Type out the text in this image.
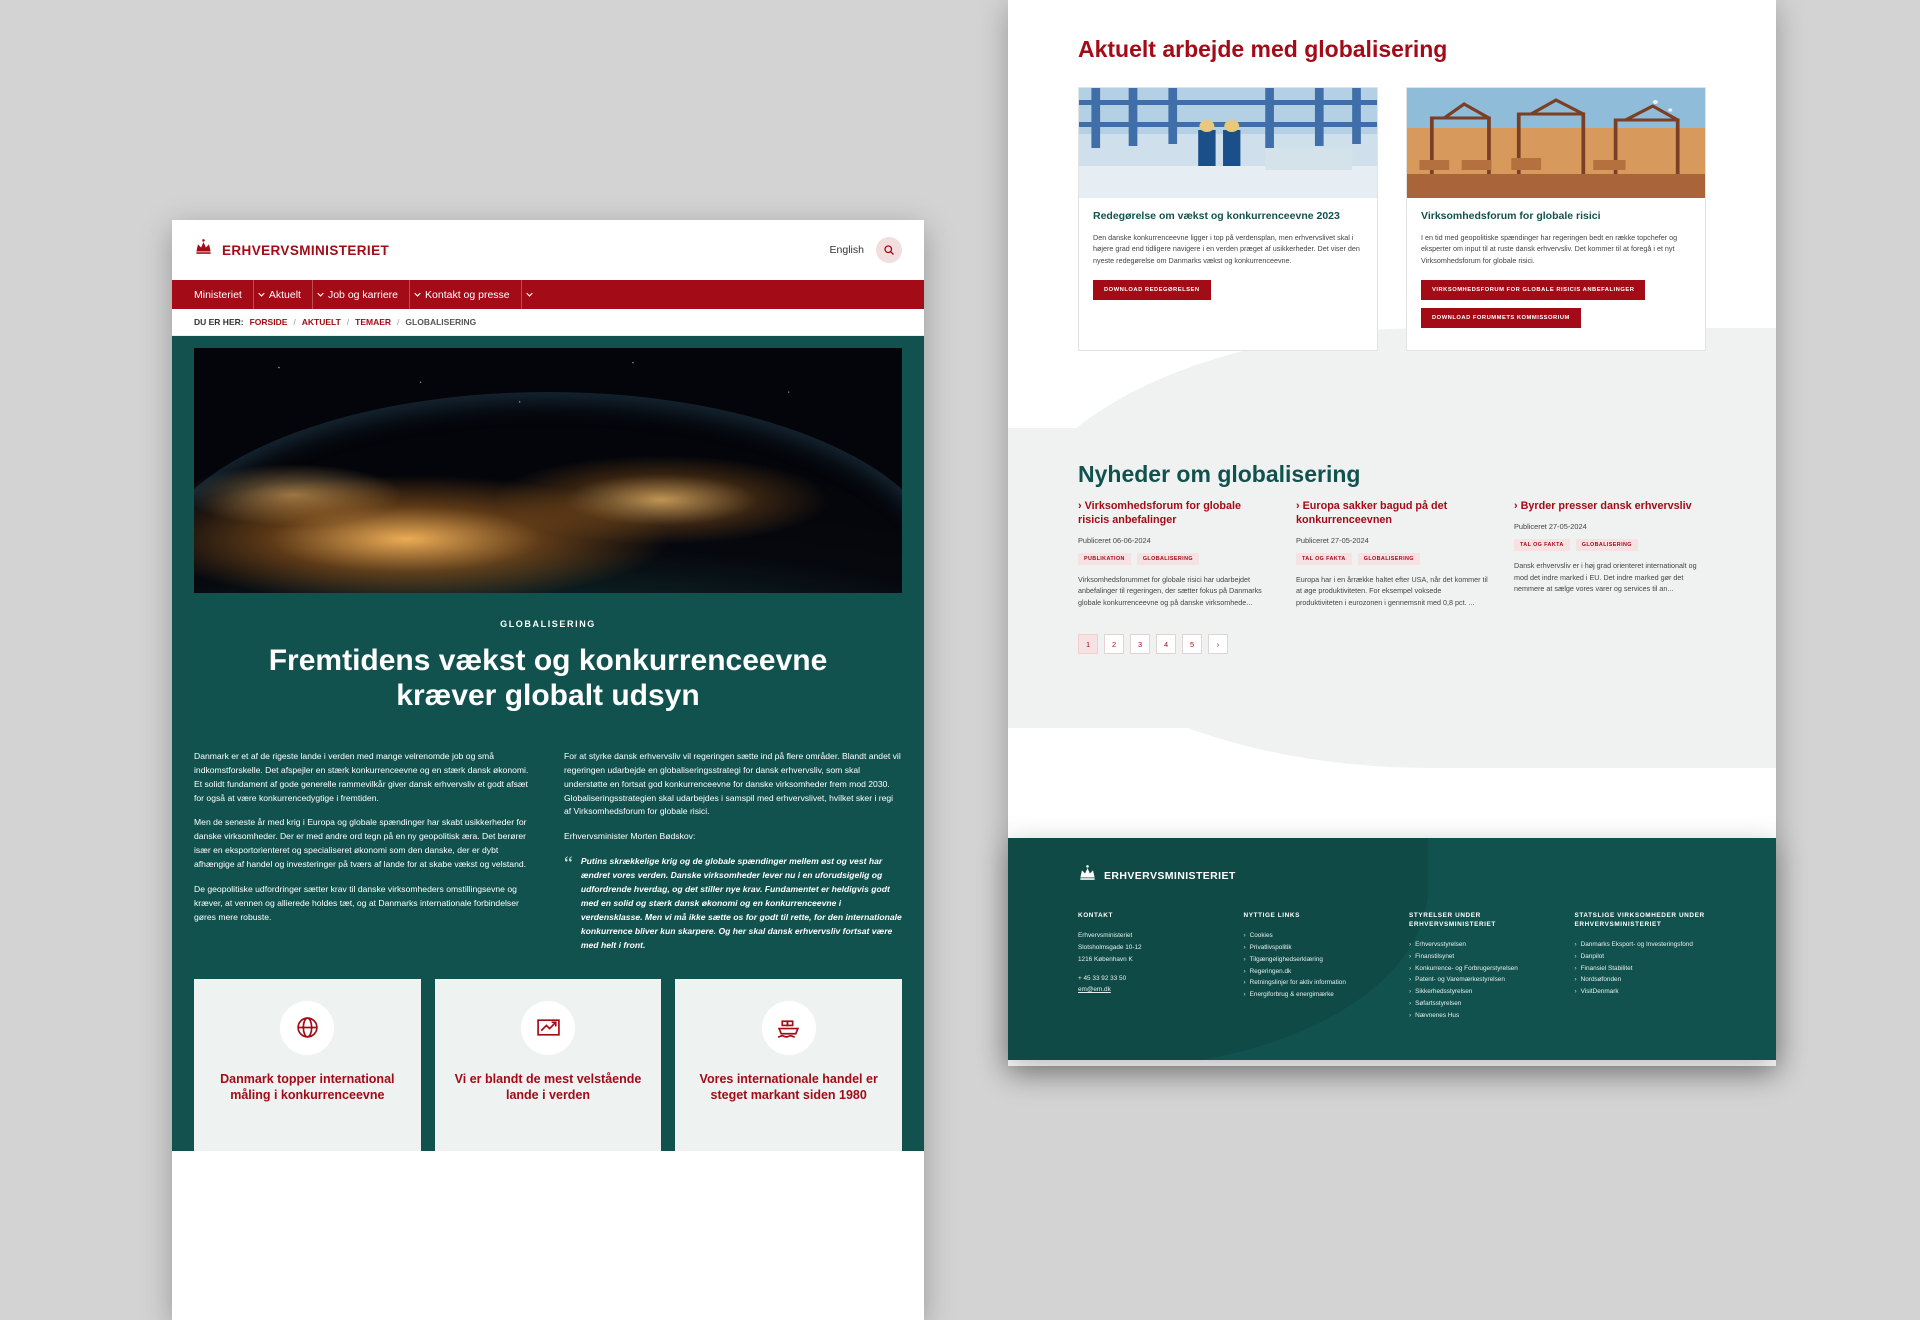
ERHVERVSMINISTERIET	English
Ministeriet	Aktuelt	Job og karriere	Kontakt og presse
DU ER HER: FORSIDE / AKTUELT / TEMAER / GLOBALISERING
GLOBALISERING
Fremtidens vækst og konkurrenceevne kræver globalt udsyn

Danmark er et af de rigeste lande i verden med mange velrenomde job og små indkomstforskelle. Det afspejler en stærk konkurrenceevne og en stærk dansk økonomi. Et solidt fundament af gode generelle rammevilkår giver dansk erhvervsliv et godt afsæt for også at være konkurrencedygtige i fremtiden.

Men de seneste år med krig i Europa og globale spændinger har skabt usikkerheder for danske virksomheder. Der er med andre ord tegn på en ny geopolitisk æra. Det berører især en eksportorienteret og specialiseret økonomi som den danske, der er dybt afhængige af handel og investeringer på tværs af lande for at skabe vækst og velstand.

De geopolitiske udfordringer sætter krav til danske virksomheders omstillingsevne og kræver, at vennen og allierede holdes tæt, og at Danmarks internationale forbindelser gøres mere robuste.

For at styrke dansk erhvervsliv vil regeringen sætte ind på flere områder. Blandt andet vil regeringen udarbejde en globaliseringsstrategi for dansk erhvervsliv, som skal understøtte en fortsat god konkurrenceevne for danske virksomheder frem mod 2030. Globaliseringsstrategien skal udarbejdes i samspil med erhvervslivet, hvilket sker i regi af Virksomhedsforum for globale risici.

Erhvervsminister Morten Bødskov:

“ Putins skrækkelige krig og de globale spændinger mellem øst og vest har ændret vores verden. Danske virksomheder lever nu i en uforudsigelig og udfordrende hverdag, og det stiller nye krav. Fundamentet er heldigvis godt med en solid og stærk dansk økonomi og en konkurrenceevne i verdensklasse. Men vi må ikke sætte os for godt til rette, for den internationale konkurrence bliver kun skarpere. Og her skal dansk erhvervsliv fortsat være med helt i front.
Danmark topper international måling i konkurrenceevne
Vi er blandt de mest velstående lande i verden
Vores internationale handel er steget markant siden 1980
Aktuelt arbejde med globalisering
Redegørelse om vækst og konkurrenceevne 2023

Den danske konkurrenceevne ligger i top på verdensplan, men erhvervslivet skal i højere grad end tidligere navigere i en verden præget af usikkerheder. Det viser den nyeste redegørelse om Danmarks vækst og konkurrenceevne.

DOWNLOAD REDEGØRELSEN
Virksomhedsforum for globale risici

I en tid med geopolitiske spændinger har regeringen bedt en række topchefer og eksperter om input til at ruste dansk erhvervsliv. Det kommer til at foregå i et nyt Virksomhedsforum for globale risici.

VIRKSOMHEDSFORUM FOR GLOBALE RISICIS ANBEFALINGER DOWNLOAD FORUMMETS KOMMISSORIUM
Nyheder om globalisering
› Virksomhedsforum for globale risicis anbefalinger
Publiceret 06-06-2024
PUBLIKATION	GLOBALISERING

Virksomhedsforummet for globale risici har udarbejdet anbefalinger til regeringen, der sætter fokus på Danmarks globale konkurrenceevne og på danske virksomhede...

› Europa sakker bagud på det konkurrenceevnen
Publiceret 27-05-2024
TAL OG FAKTA	GLOBALISERING

Europa har i en årrække haltet efter USA, når det kommer til at øge produktiviteten. For eksempel voksede produktiviteten i eurozonen i gennemsnit med 0,8 pct. ...

› Byrder presser dansk erhvervsliv
Publiceret 27-05-2024
TAL OG FAKTA	GLOBALISERING

Dansk erhvervsliv er i høj grad orienteret internationalt og mod det indre marked i EU. Det indre marked gør det nemmere at sælge vores varer og services til an...

1	2	3	4	5	›
ERHVERVSMINISTERIET
KONTAKT
Erhvervsministeriet
Slotsholmsgade 10-12
1216 København K
+ 45 33 92 33 50
em@em.dk
NYTTIGE LINKS
› Cookies
› Privatlivspolitik
› Tilgængelighedserklæring
› Regeringen.dk
› Retningslinjer for aktiv information
› Energiforbrug & energimærke
STYRELSER UNDER ERHVERVSMINISTERIET
› Erhvervsstyrelsen
› Finanstilsynet
› Konkurrence- og Forbrugerstyrelsen
› Patent- og Varemærkestyrelsen
› Sikkerhedsstyrelsen
› Søfartsstyrelsen
› Nævnenes Hus
STATSLIGE VIRKSOMHEDER UNDER ERHVERVSMINISTERIET
› Danmarks Eksport- og Investeringsfond
› Danpilot
› Finansiel Stabilitet
› Nordsøfonden
› VisitDenmark
